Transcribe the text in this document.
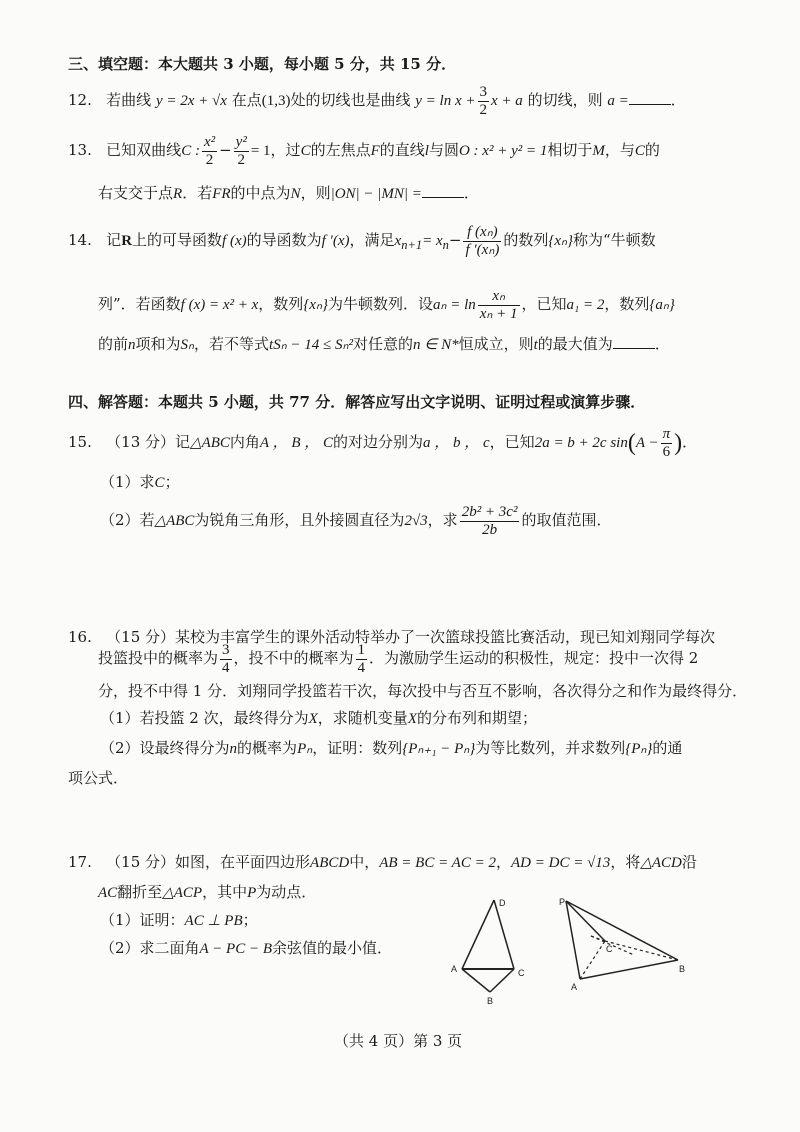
三、填空题：本大题共 3 小题，每小题 5 分，共 15 分．
12. 若曲线 y = 2x + √x 在点(1,3)处的切线也是曲线 $y = \ln x + \frac{3}{2}$ x + a 的切线，则 a =	．
13. 已知双曲线C : $\frac{\text{x²}}{2} - \frac{\text{y²}}{2} = 1$，过C的左焦点F的直线l与圆O : x² + y² = 1相切于M，与C的
右支交于点R．若FR的中点为N，则|ON| − |MN| =	．
14. 记R上的可导函数f (x)的导函数为f ′(x)，满足$x_{n+1}= x_n- \frac{\text{f (xₙ)}}{\text{f ′(xₙ)}}$ 的数列{xₙ}称为“牛顿数
列”．若函数f (x) = x² + x，数列{xₙ}为牛顿数列．设$a_n = \ln \frac{\text{xₙ}}{\text{xₙ + 1}}$ ，已知a₁ = 2，数列{aₙ}
的前n项和为Sₙ，若不等式tSₙ − 14 ≤ Sₙ²对任意的n ∈ N*恒成立，则t的最大值为	．
四、解答题：本题共 5 小题，共 77 分．解答应写出文字说明、证明过程或演算步骤．
15. （13 分）记△ABC内角A ， B ， C的对边分别为a ， b ， c，已知2a = b + 2c $\sin(A - \frac{\pi}{6}$ )．
（1）求C；
（2）若△ABC为锐角三角形，且外接圆直径为2√3，求 $\frac{\text{2b² + 3c²}}{2b}$ 的取值范围．
16. （15 分）某校为丰富学生的课外活动特举办了一次篮球投篮比赛活动，现已知刘翔同学每次
投篮投中的概率为 $\frac{3}{4}$ ，投不中的概率为 $\frac{1}{4}$ ．为激励学生运动的积极性，规定：投中一次得 2
分，投不中得 1 分．刘翔同学投篮若干次，每次投中与否互不影响，各次得分之和作为最终得分．
（1）若投篮 2 次，最终得分为X，求随机变量X的分布列和期望；
（2）设最终得分为n的概率为Pₙ，证明：数列{Pₙ₊₁ − Pₙ}为等比数列，并求数列{Pₙ}的通
项公式．
17. （15 分）如图，在平面四边形ABCD中，AB = BC = AC = 2，AD = DC = √13，将△ACD沿
AC翻折至△ACP，其中P为动点．
（1）证明：AC ⊥ PB；
（2）求二面角A − PC − B余弦值的最小值．
D
A	C
B
P
C
B
A
（共 4 页）第 3 页
